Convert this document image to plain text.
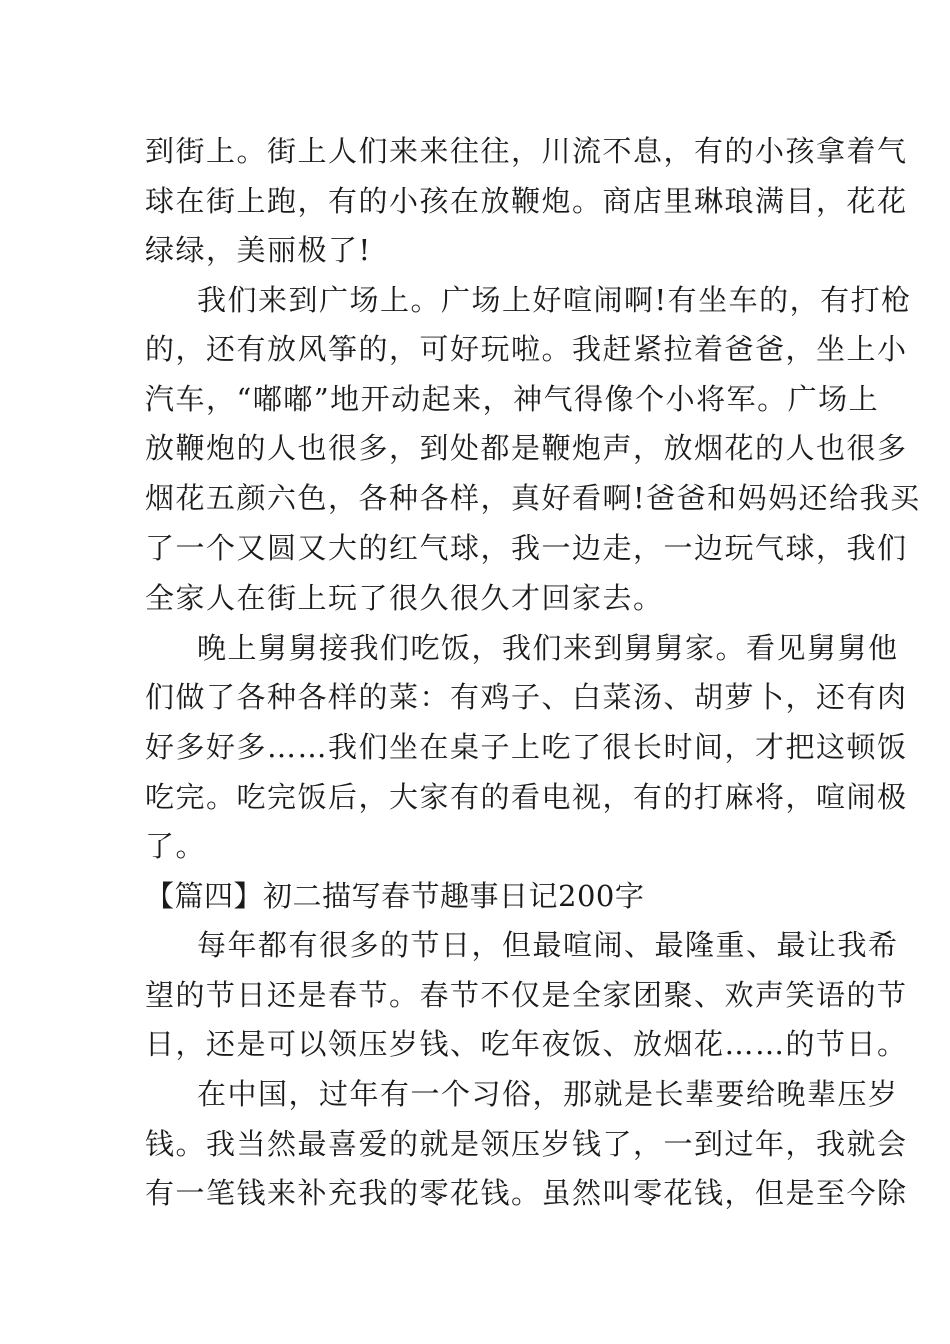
到街上。街上人们来来往往，川流不息，有的小孩拿着气

球在街上跑，有的小孩在放鞭炮。商店里琳琅满目，花花

绿绿，美丽极了!

我们来到广场上。广场上好喧闹啊!有坐车的，有打枪

的，还有放风筝的，可好玩啦。我赶紧拉着爸爸，坐上小

汽车，“嘟嘟”地开动起来，神气得像个小将军。广场上

放鞭炮的人也很多，到处都是鞭炮声，放烟花的人也很多

烟花五颜六色，各种各样，真好看啊!爸爸和妈妈还给我买

了一个又圆又大的红气球，我一边走，一边玩气球，我们

全家人在街上玩了很久很久才回家去。

晚上舅舅接我们吃饭，我们来到舅舅家。看见舅舅他

们做了各种各样的菜：有鸡子、白菜汤、胡萝卜，还有肉

好多好多……我们坐在桌子上吃了很长时间，才把这顿饭

吃完。吃完饭后，大家有的看电视，有的打麻将，喧闹极

了。

【篇四】初二描写春节趣事日记200字

每年都有很多的节日，但最喧闹、最隆重、最让我希

望的节日还是春节。春节不仅是全家团聚、欢声笑语的节

日，还是可以领压岁钱、吃年夜饭、放烟花……的节日。

在中国，过年有一个习俗，那就是长辈要给晚辈压岁

钱。我当然最喜爱的就是领压岁钱了，一到过年，我就会

有一笔钱来补充我的零花钱。虽然叫零花钱，但是至今除
